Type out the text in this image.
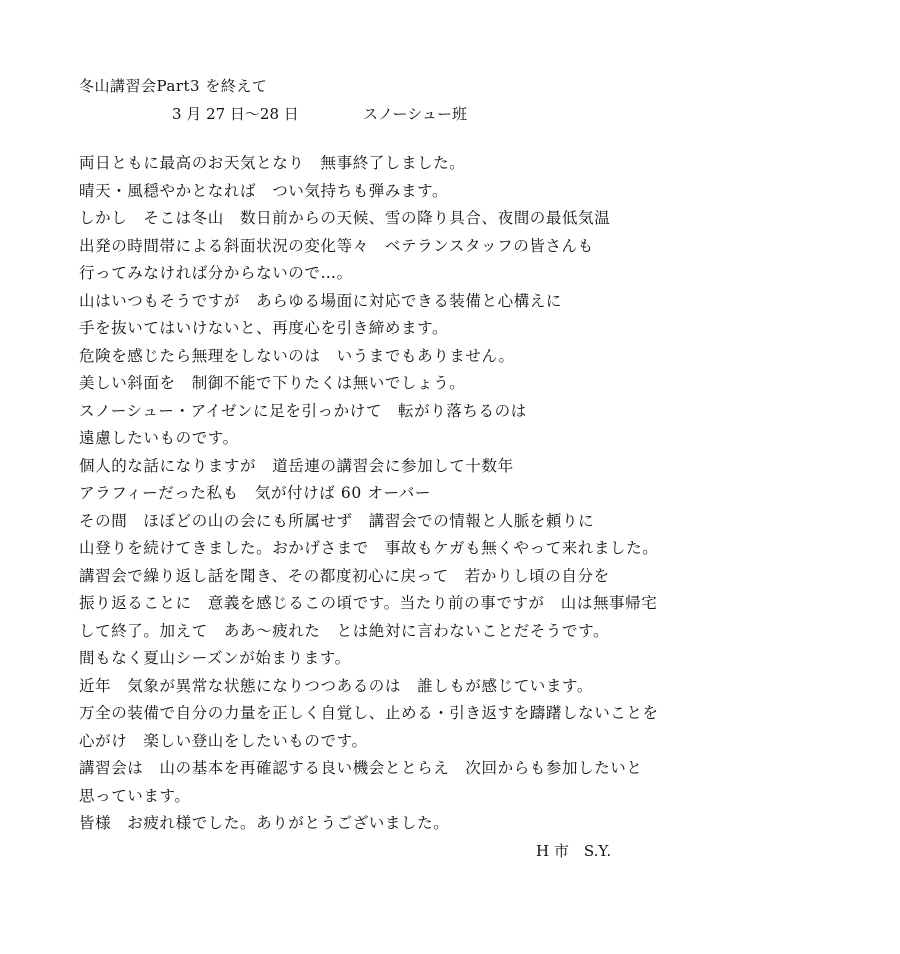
冬山講習会Part3 を終えて
3 月 27 日〜28 日	スノーシュー班
両日ともに最高のお天気となり　無事終了しました。
晴天・風穏やかとなれば　つい気持ちも弾みます。
しかし　そこは冬山　数日前からの天候、雪の降り具合、夜間の最低気温
出発の時間帯による斜面状況の変化等々　ベテランスタッフの皆さんも
行ってみなければ分からないので…。
山はいつもそうですが　あらゆる場面に対応できる装備と心構えに
手を抜いてはいけないと、再度心を引き締めます。
危険を感じたら無理をしないのは　いうまでもありません。
美しい斜面を　制御不能で下りたくは無いでしょう。
スノーシュー・アイゼンに足を引っかけて　転がり落ちるのは
遠慮したいものです。
個人的な話になりますが　道岳連の講習会に参加して十数年
アラフィーだった私も　気が付けば 60 オーバー
その間　ほぼどの山の会にも所属せず　講習会での情報と人脈を頼りに
山登りを続けてきました。おかげさまで　事故もケガも無くやって来れました。
講習会で繰り返し話を聞き、その都度初心に戻って　若かりし頃の自分を
振り返ることに　意義を感じるこの頃です。当たり前の事ですが　山は無事帰宅
して終了。加えて　ああ〜疲れた　とは絶対に言わないことだそうです。
間もなく夏山シーズンが始まります。
近年　気象が異常な状態になりつつあるのは　誰しもが感じています。
万全の装備で自分の力量を正しく自覚し、止める・引き返すを躊躇しないことを
心がけ　楽しい登山をしたいものです。
講習会は　山の基本を再確認する良い機会ととらえ　次回からも参加したいと
思っています。
皆様　お疲れ様でした。ありがとうございました。
H 市　S.Y.
